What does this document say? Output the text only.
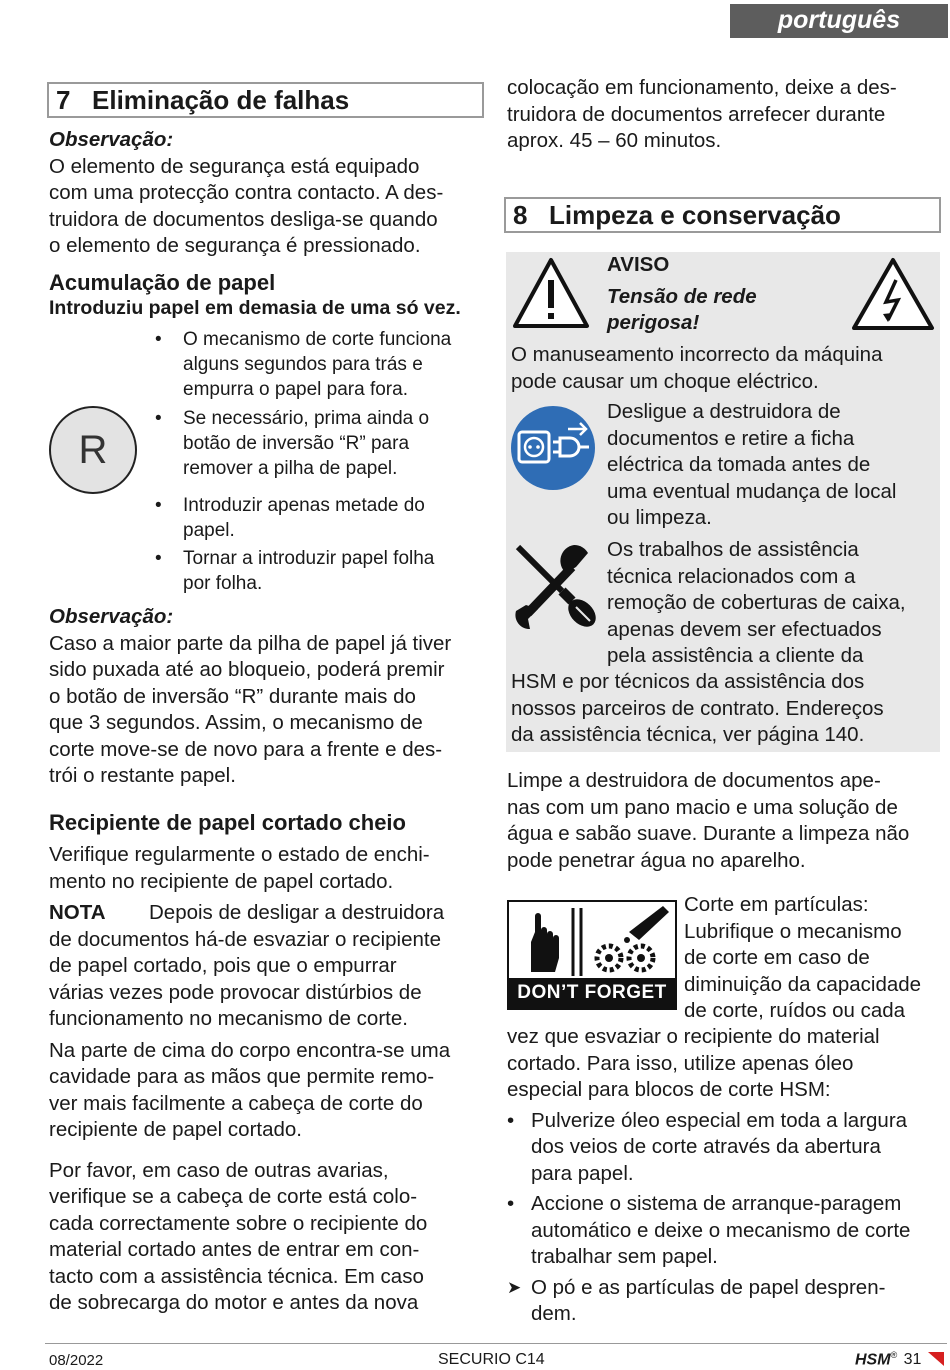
português
7 Eliminação de falhas

Observação:

O elemento de segurança está equipado

com uma protecção contra contacto. A des-

truidora de documentos desliga-se quando

o elemento de segurança é pressionado.

Acumulação de papel
Introduziu papel em demasia de uma só vez.
• O mecanismo de corte funciona
alguns segundos para trás e
empurra o papel para fora.
• Se necessário, prima ainda o
botão de inversão “R” para
remover a pilha de papel.
R
• Introduzir apenas metade do
papel.
• Tornar a introduzir papel folha
por folha.

Observação:

Caso a maior parte da pilha de papel já tiver

sido puxada até ao bloqueio, poderá premir

o botão de inversão “R” durante mais do

que 3 segundos. Assim, o mecanismo de

corte move-se de novo para a frente e des-

trói o restante papel.

Recipiente de papel cortado cheio

Verifique regularmente o estado de enchi-

mento no recipiente de papel cortado.

NOTA Depois de desligar a destruidora

de documentos há-de esvaziar o recipiente

de papel cortado, pois que o empurrar

várias vezes pode provocar distúrbios de

funcionamento no mecanismo de corte.

Na parte de cima do corpo encontra-se uma

cavidade para as mãos que permite remo-

ver mais facilmente a cabeça de corte do

recipiente de papel cortado.

Por favor, em caso de outras avarias,

verifique se a cabeça de corte está colo-

cada correctamente sobre o recipiente do

material cortado antes de entrar em con-

tacto com a assistência técnica. Em caso

de sobrecarga do motor e antes da nova

colocação em funcionamento, deixe a des-

truidora de documentos arrefecer durante

aprox. 45 – 60 minutos.

8 Limpeza e conservação

AVISO

Tensão de rede

perigosa!

O manuseamento incorrecto da máquina

pode causar um choque eléctrico.

Desligue a destruidora de

documentos e retire a ficha

eléctrica da tomada antes de

uma eventual mudança de local

ou limpeza.

Os trabalhos de assistência

técnica relacionados com a

remoção de coberturas de caixa,

apenas devem ser efectuados

pela assistência a cliente da

HSM e por técnicos da assistência dos

nossos parceiros de contrato. Endereços

da assistência técnica, ver página 140.

Limpe a destruidora de documentos ape-

nas com um pano macio e uma solução de

água e sabão suave. Durante a limpeza não

pode penetrar água no aparelho.

DON’T FORGET

Corte em partículas:

Lubrifique o mecanismo

de corte em caso de

diminuição da capacidade

de corte, ruídos ou cada

vez que esvaziar o recipiente do material

cortado. Para isso, utilize apenas óleo

especial para blocos de corte HSM:

• Pulverize óleo especial em toda a largura

dos veios de corte através da abertura

para papel.

• Accione o sistema de arranque-paragem

automático e deixe o mecanismo de corte

trabalhar sem papel.

➤ O pó e as partículas de papel despren-

dem.

08/2022	SECURIO C14	HSM® 31
